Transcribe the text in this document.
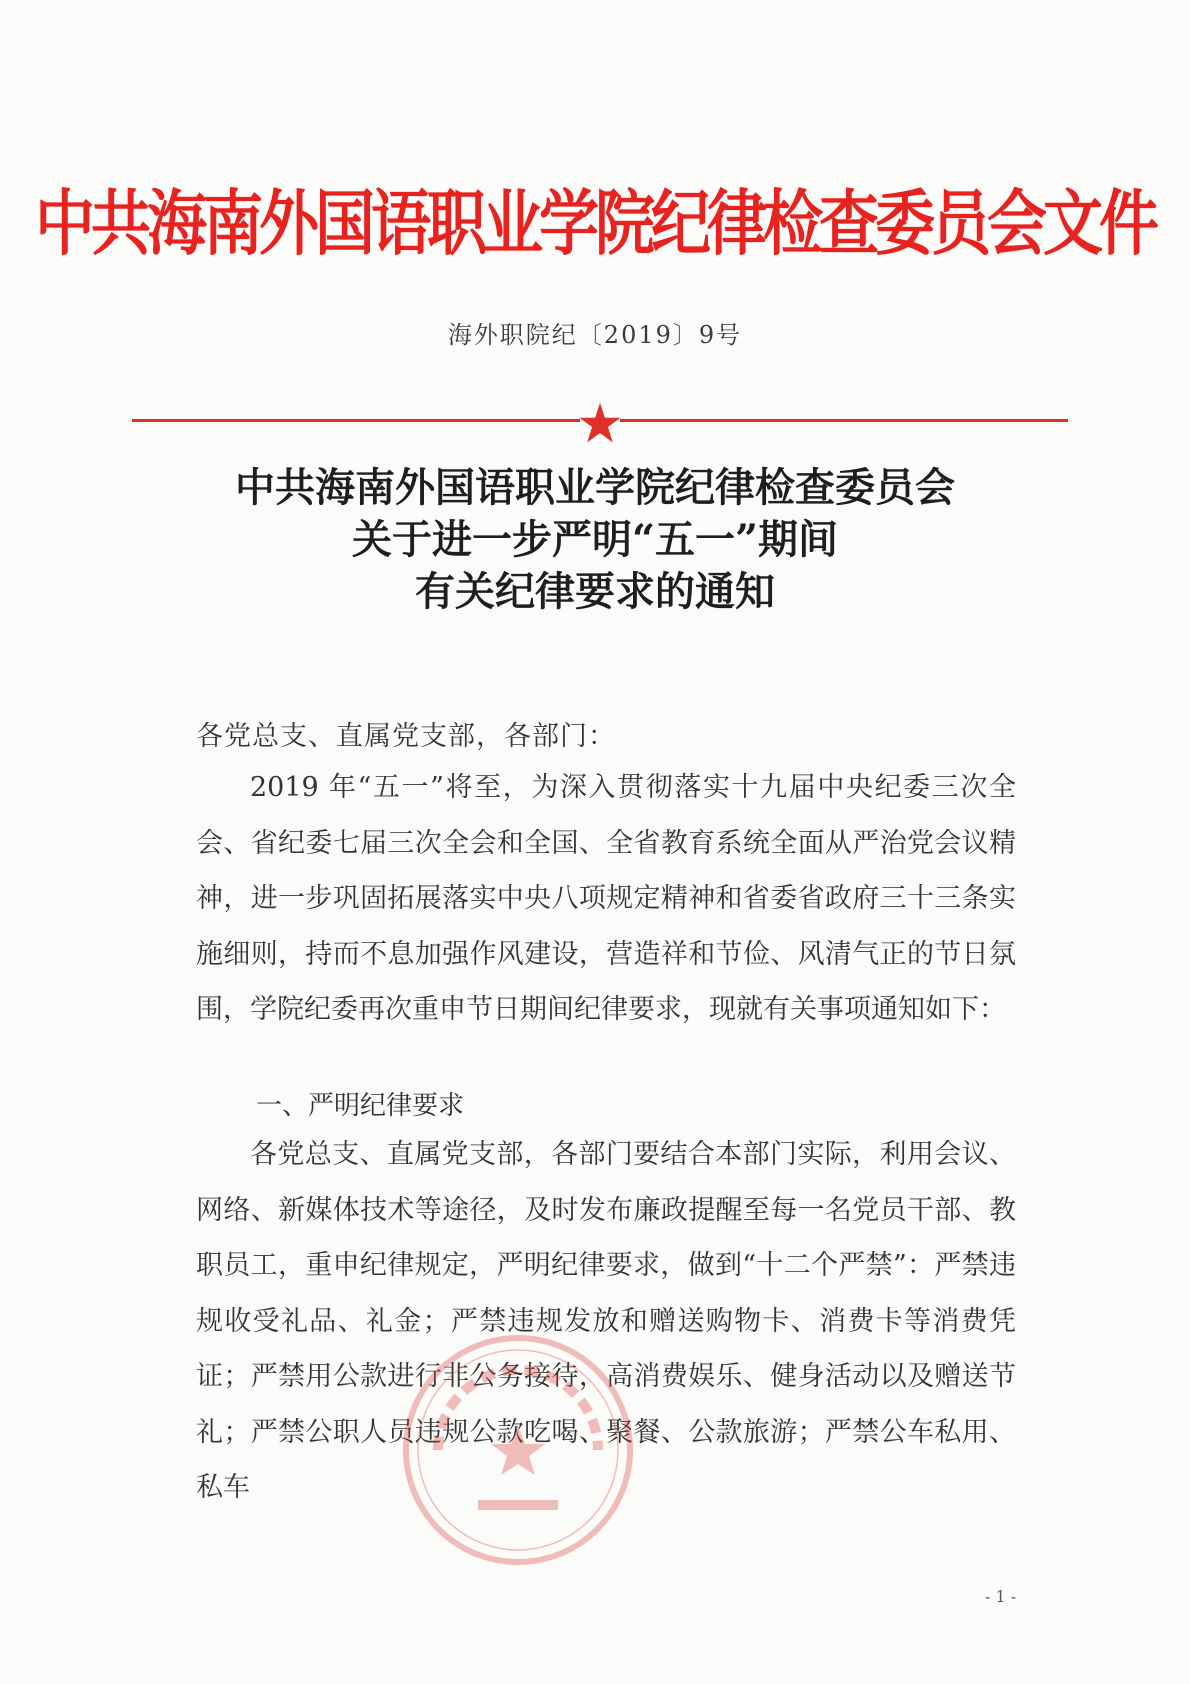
中共海南外国语职业学院纪律检查委员会文件
海外职院纪〔2019〕9号
中共海南外国语职业学院纪律检查委员会
关于进一步严明“五一”期间
有关纪律要求的通知
各党总支、直属党支部，各部门：
2019 年“五一”将至，为深入贯彻落实十九届中央纪委三次全会、省纪委七届三次全会和全国、全省教育系统全面从严治党会议精神，进一步巩固拓展落实中央八项规定精神和省委省政府三十三条实施细则，持而不息加强作风建设，营造祥和节俭、风清气正的节日氛围，学院纪委再次重申节日期间纪律要求，现就有关事项通知如下：
一、严明纪律要求
各党总支、直属党支部，各部门要结合本部门实际，利用会议、网络、新媒体技术等途径，及时发布廉政提醒至每一名党员干部、教职员工，重申纪律规定，严明纪律要求，做到“十二个严禁”：严禁违规收受礼品、礼金；严禁违规发放和赠送购物卡、消费卡等消费凭证；严禁用公款进行非公务接待，高消费娱乐、健身活动以及赠送节礼；严禁公职人员违规公款吃喝、聚餐、公款旅游；严禁公车私用、私车
- 1 -
